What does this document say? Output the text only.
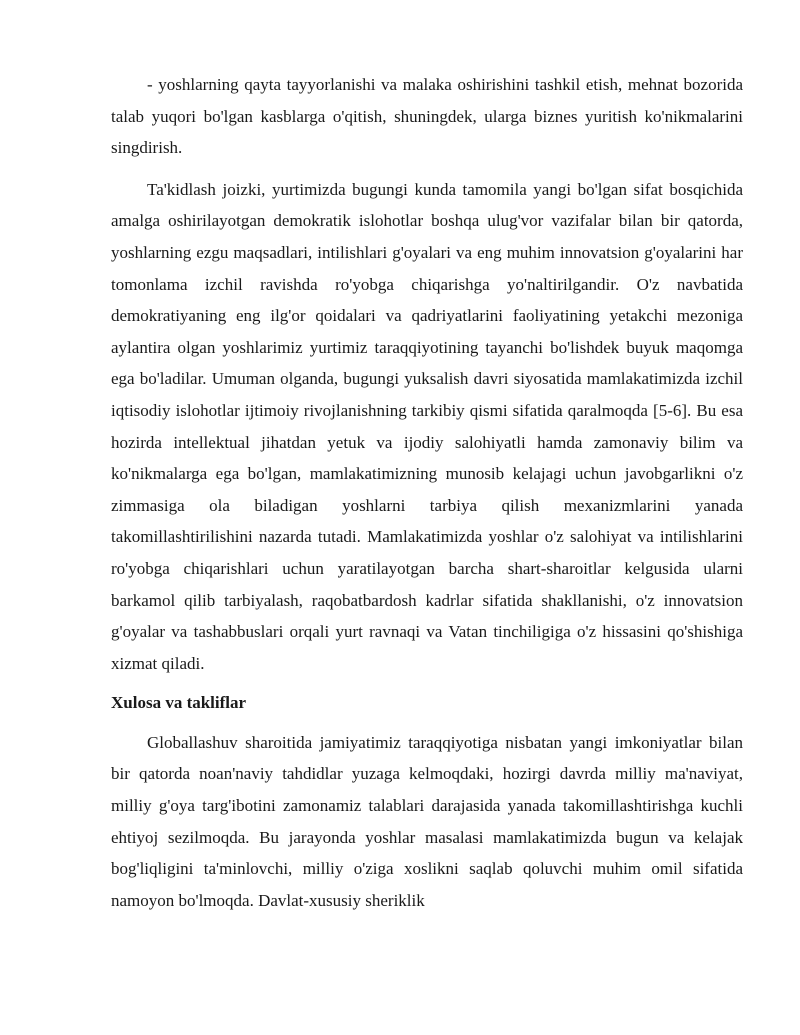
- yoshlarning qayta tayyorlanishi va malaka oshirishini tashkil etish, mehnat bozorida talab yuqori bo'lgan kasblarga o'qitish, shuningdek, ularga biznes yuritish ko'nikmalarini singdirish.

Ta'kidlash joizki, yurtimizda bugungi kunda tamomila yangi bo'lgan sifat bosqichida amalga oshirilayotgan demokratik islohotlar boshqa ulug'vor vazifalar bilan bir qatorda, yoshlarning ezgu maqsadlari, intilishlari g'oyalari va eng muhim innovatsion g'oyalarini har tomonlama izchil ravishda ro'yobga chiqarishga yo'naltirilgandir. O'z navbatida demokratiyaning eng ilg'or qoidalari va qadriyatlarini faoliyatining yetakchi mezoniga aylantira olgan yoshlarimiz yurtimiz taraqqiyotining tayanchi bo'lishdek buyuk maqomga ega bo'ladilar. Umuman olganda, bugungi yuksalish davri siyosatida mamlakatimizda izchil iqtisodiy islohotlar ijtimoiy rivojlanishning tarkibiy qismi sifatida qaralmoqda [5-6]. Bu esa hozirda intellektual jihatdan yetuk va ijodiy salohiyatli hamda zamonaviy bilim va ko'nikmalarga ega bo'lgan, mamlakatimizning munosib kelajagi uchun javobgarlikni o'z zimmasiga ola biladigan yoshlarni tarbiya qilish mexanizmlarini yanada takomillashtirilishini nazarda tutadi. Mamlakatimizda yoshlar o'z salohiyat va intilishlarini ro'yobga chiqarishlari uchun yaratilayotgan barcha shart-sharoitlar kelgusida ularni barkamol qilib tarbiyalash, raqobatbardosh kadrlar sifatida shakllanishi, o'z innovatsion g'oyalar va tashabbuslari orqali yurt ravnaqi va Vatan tinchiligiga o'z hissasini qo'shishiga xizmat qiladi.

Xulosa va takliflar

Globallashuv sharoitida jamiyatimiz taraqqiyotiga nisbatan yangi imkoniyatlar bilan bir qatorda noan'naviy tahdidlar yuzaga kelmoqdaki, hozirgi davrda milliy ma'naviyat, milliy g'oya targ'ibotini zamonamiz talablari darajasida yanada takomillashtirishga kuchli ehtiyoj sezilmoqda. Bu jarayonda yoshlar masalasi mamlakatimizda bugun va kelajak bog'liqligini ta'minlovchi, milliy o'ziga xoslikni saqlab qoluvchi muhim omil sifatida namoyon bo'lmoqda. Davlat-xususiy sheriklik
